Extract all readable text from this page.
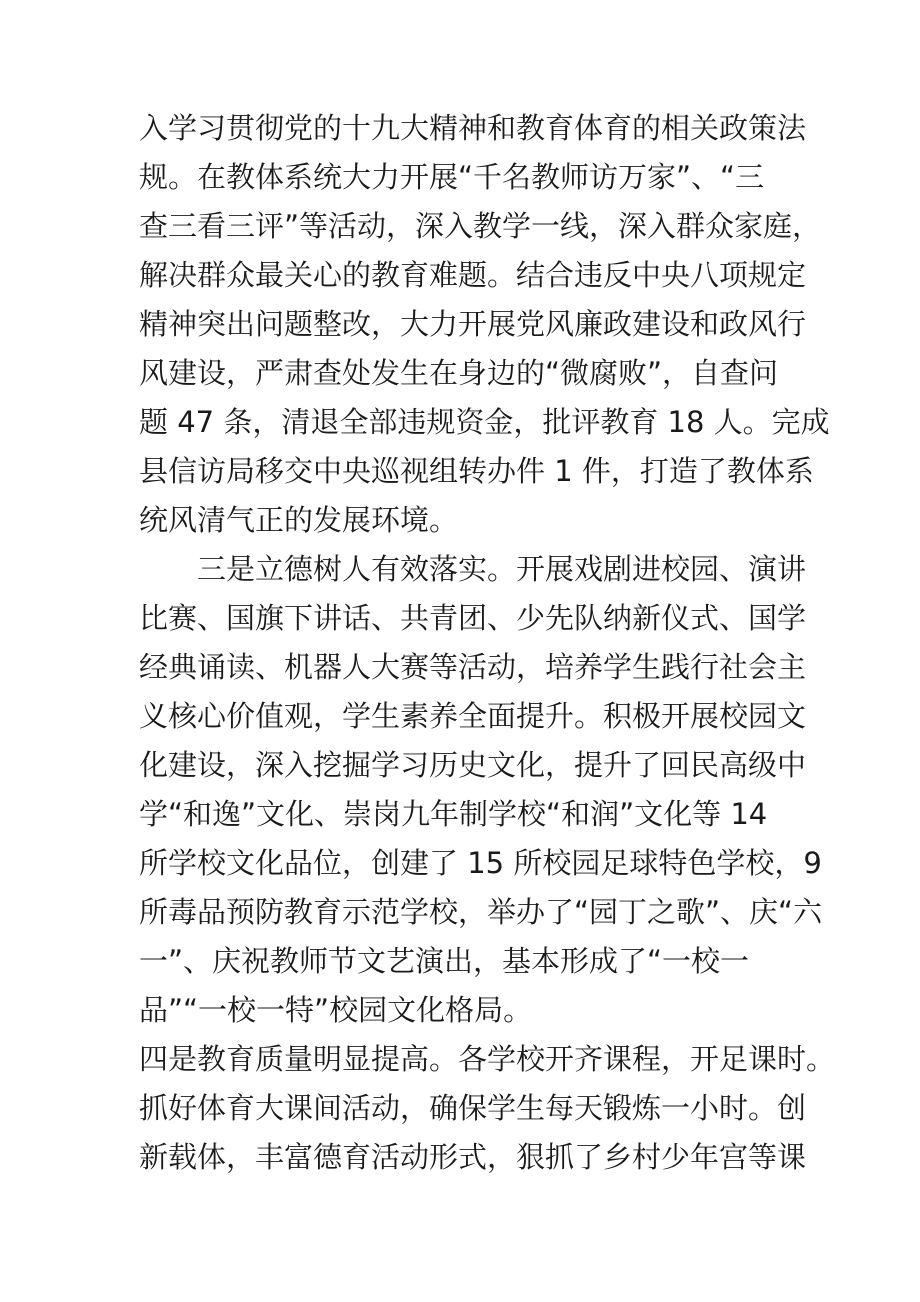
入学习贯彻党的十九大精神和教育体育的相关政策法
规。在教体系统大力开展“千名教师访万家”、“三
查三看三评”等活动，深入教学一线，深入群众家庭，
解决群众最关心的教育难题。结合违反中央八项规定
精神突出问题整改，大力开展党风廉政建设和政风行
风建设，严肃查处发生在身边的“微腐败”，自查问
题 47 条，清退全部违规资金，批评教育 18 人。完成
县信访局移交中央巡视组转办件 1 件，打造了教体系
统风清气正的发展环境。
三是立德树人有效落实。开展戏剧进校园、演讲
比赛、国旗下讲话、共青团、少先队纳新仪式、国学
经典诵读、机器人大赛等活动，培养学生践行社会主
义核心价值观，学生素养全面提升。积极开展校园文
化建设，深入挖掘学习历史文化，提升了回民高级中
学“和逸”文化、崇岗九年制学校“和润”文化等 14
所学校文化品位，创建了 15 所校园足球特色学校，9
所毒品预防教育示范学校，举办了“园丁之歌”、庆“六
一”、庆祝教师节文艺演出，基本形成了“一校一
品”“一校一特”校园文化格局。
四是教育质量明显提高。各学校开齐课程，开足课时。
抓好体育大课间活动，确保学生每天锻炼一小时。创
新载体，丰富德育活动形式，狠抓了乡村少年宫等课
